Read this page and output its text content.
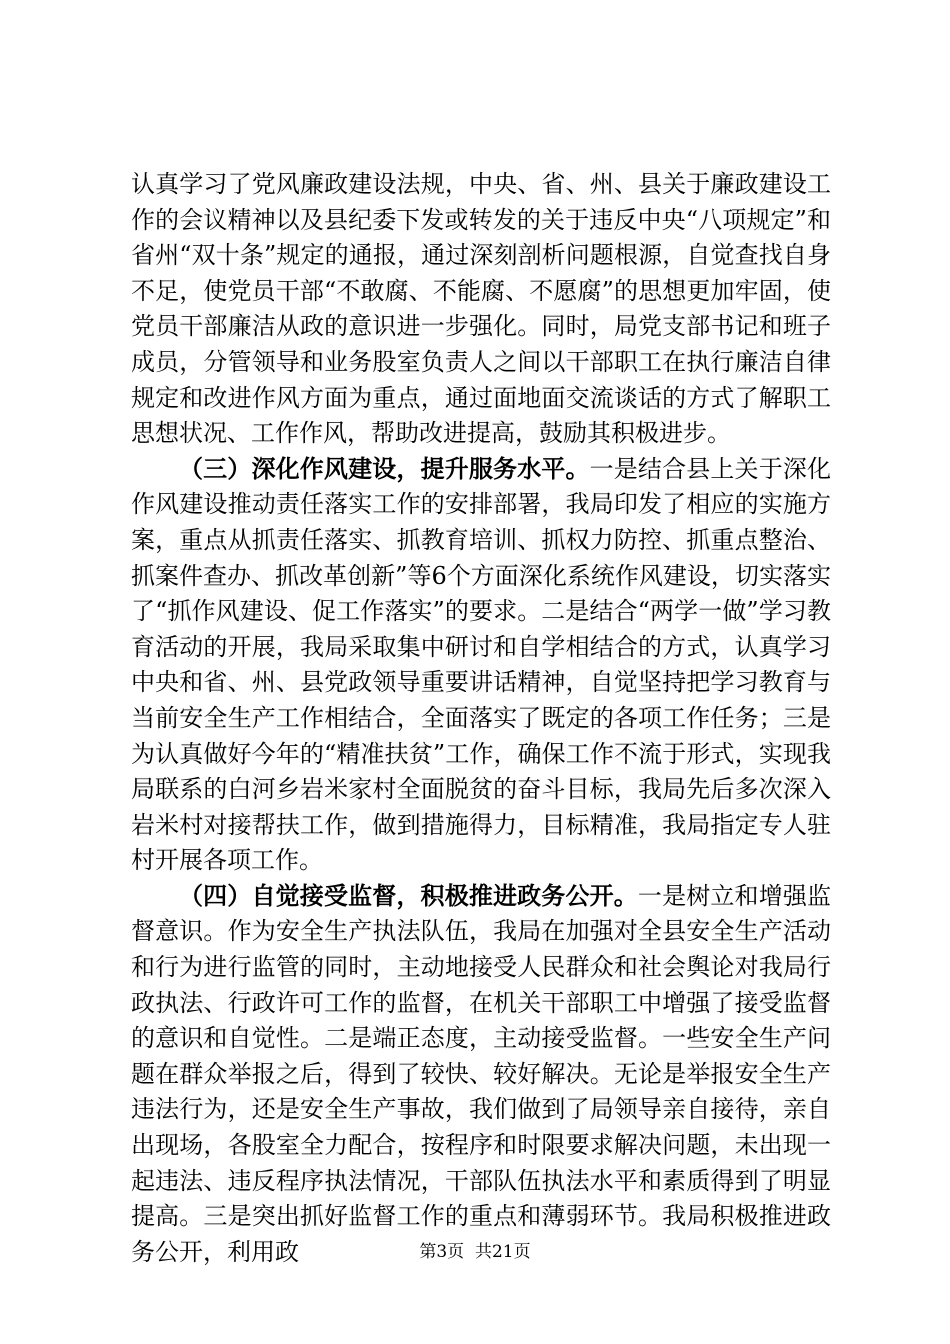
认真学习了党风廉政建设法规，中央、省、州、县关于廉政建设工作的会议精神以及县纪委下发或转发的关于违反中央“八项规定”和省州“双十条”规定的通报，通过深刻剖析问题根源，自觉查找自身不足，使党员干部“不敢腐、不能腐、不愿腐”的思想更加牢固，使党员干部廉洁从政的意识进一步强化。同时，局党支部书记和班子成员，分管领导和业务股室负责人之间以干部职工在执行廉洁自律规定和改进作风方面为重点，通过面地面交流谈话的方式了解职工思想状况、工作作风，帮助改进提高，鼓励其积极进步。

（三）深化作风建设，提升服务水平。一是结合县上关于深化作风建设推动责任落实工作的安排部署，我局印发了相应的实施方案，重点从抓责任落实、抓教育培训、抓权力防控、抓重点整治、抓案件查办、抓改革创新”等6个方面深化系统作风建设，切实落实了“抓作风建设、促工作落实”的要求。二是结合“两学一做”学习教育活动的开展，我局采取集中研讨和自学相结合的方式，认真学习中央和省、州、县党政领导重要讲话精神，自觉坚持把学习教育与当前安全生产工作相结合，全面落实了既定的各项工作任务；三是为认真做好今年的“精准扶贫”工作，确保工作不流于形式，实现我局联系的白河乡岩米家村全面脱贫的奋斗目标，我局先后多次深入岩米村对接帮扶工作，做到措施得力，目标精准，我局指定专人驻村开展各项工作。

（四）自觉接受监督，积极推进政务公开。一是树立和增强监督意识。作为安全生产执法队伍，我局在加强对全县安全生产活动和行为进行监管的同时，主动地接受人民群众和社会舆论对我局行政执法、行政许可工作的监督，在机关干部职工中增强了接受监督的意识和自觉性。二是端正态度，主动接受监督。一些安全生产问题在群众举报之后，得到了较快、较好解决。无论是举报安全生产违法行为，还是安全生产事故，我们做到了局领导亲自接待，亲自出现场，各股室全力配合，按程序和时限要求解决问题，未出现一起违法、违反程序执法情况，干部队伍执法水平和素质得到了明显提高。三是突出抓好监督工作的重点和薄弱环节。我局积极推进政务公开，利用政	第3页  共21页
